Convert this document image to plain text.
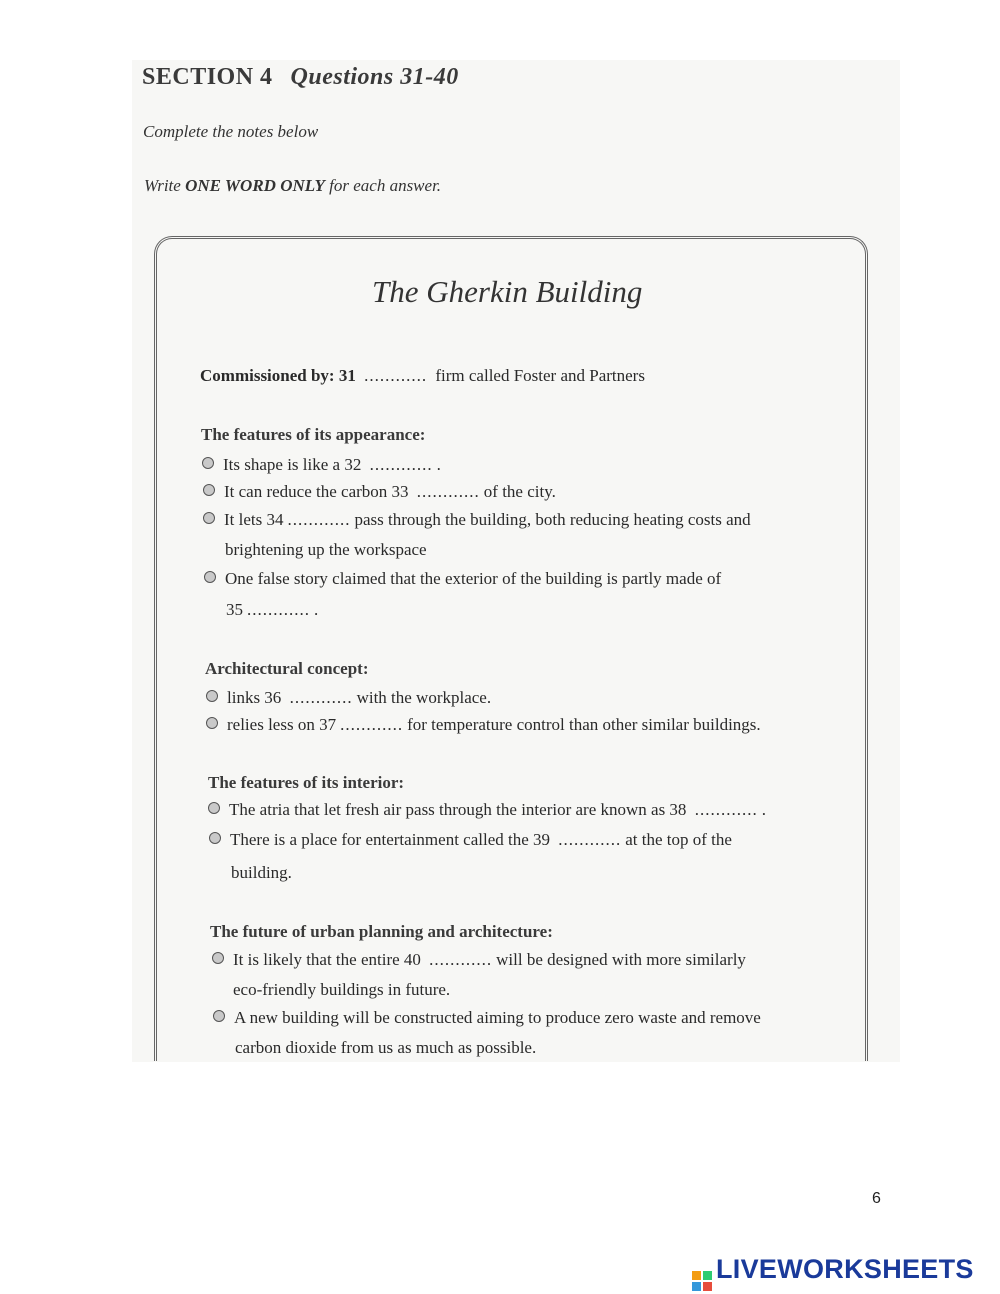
SECTION 4 Questions 31-40
Complete the notes below
Write ONE WORD ONLY for each answer.
The Gherkin Building
Commissioned by: 31 ............ firm called Foster and Partners
The features of its appearance:
Its shape is like a 32 ............ .
It can reduce the carbon 33 ............ of the city.
It lets 34 ............ pass through the building, both reducing heating costs and
brightening up the workspace
One false story claimed that the exterior of the building is partly made of
35 ............ .
Architectural concept:
links 36 ............ with the workplace.
relies less on 37 ............ for temperature control than other similar buildings.
The features of its interior:
The atria that let fresh air pass through the interior are known as 38 ............ .
There is a place for entertainment called the 39 ............ at the top of the
building.
The future of urban planning and architecture:
It is likely that the entire 40 ............ will be designed with more similarly
eco-friendly buildings in future.
A new building will be constructed aiming to produce zero waste and remove
carbon dioxide from us as much as possible.
6
LIVEWORKSHEETS
